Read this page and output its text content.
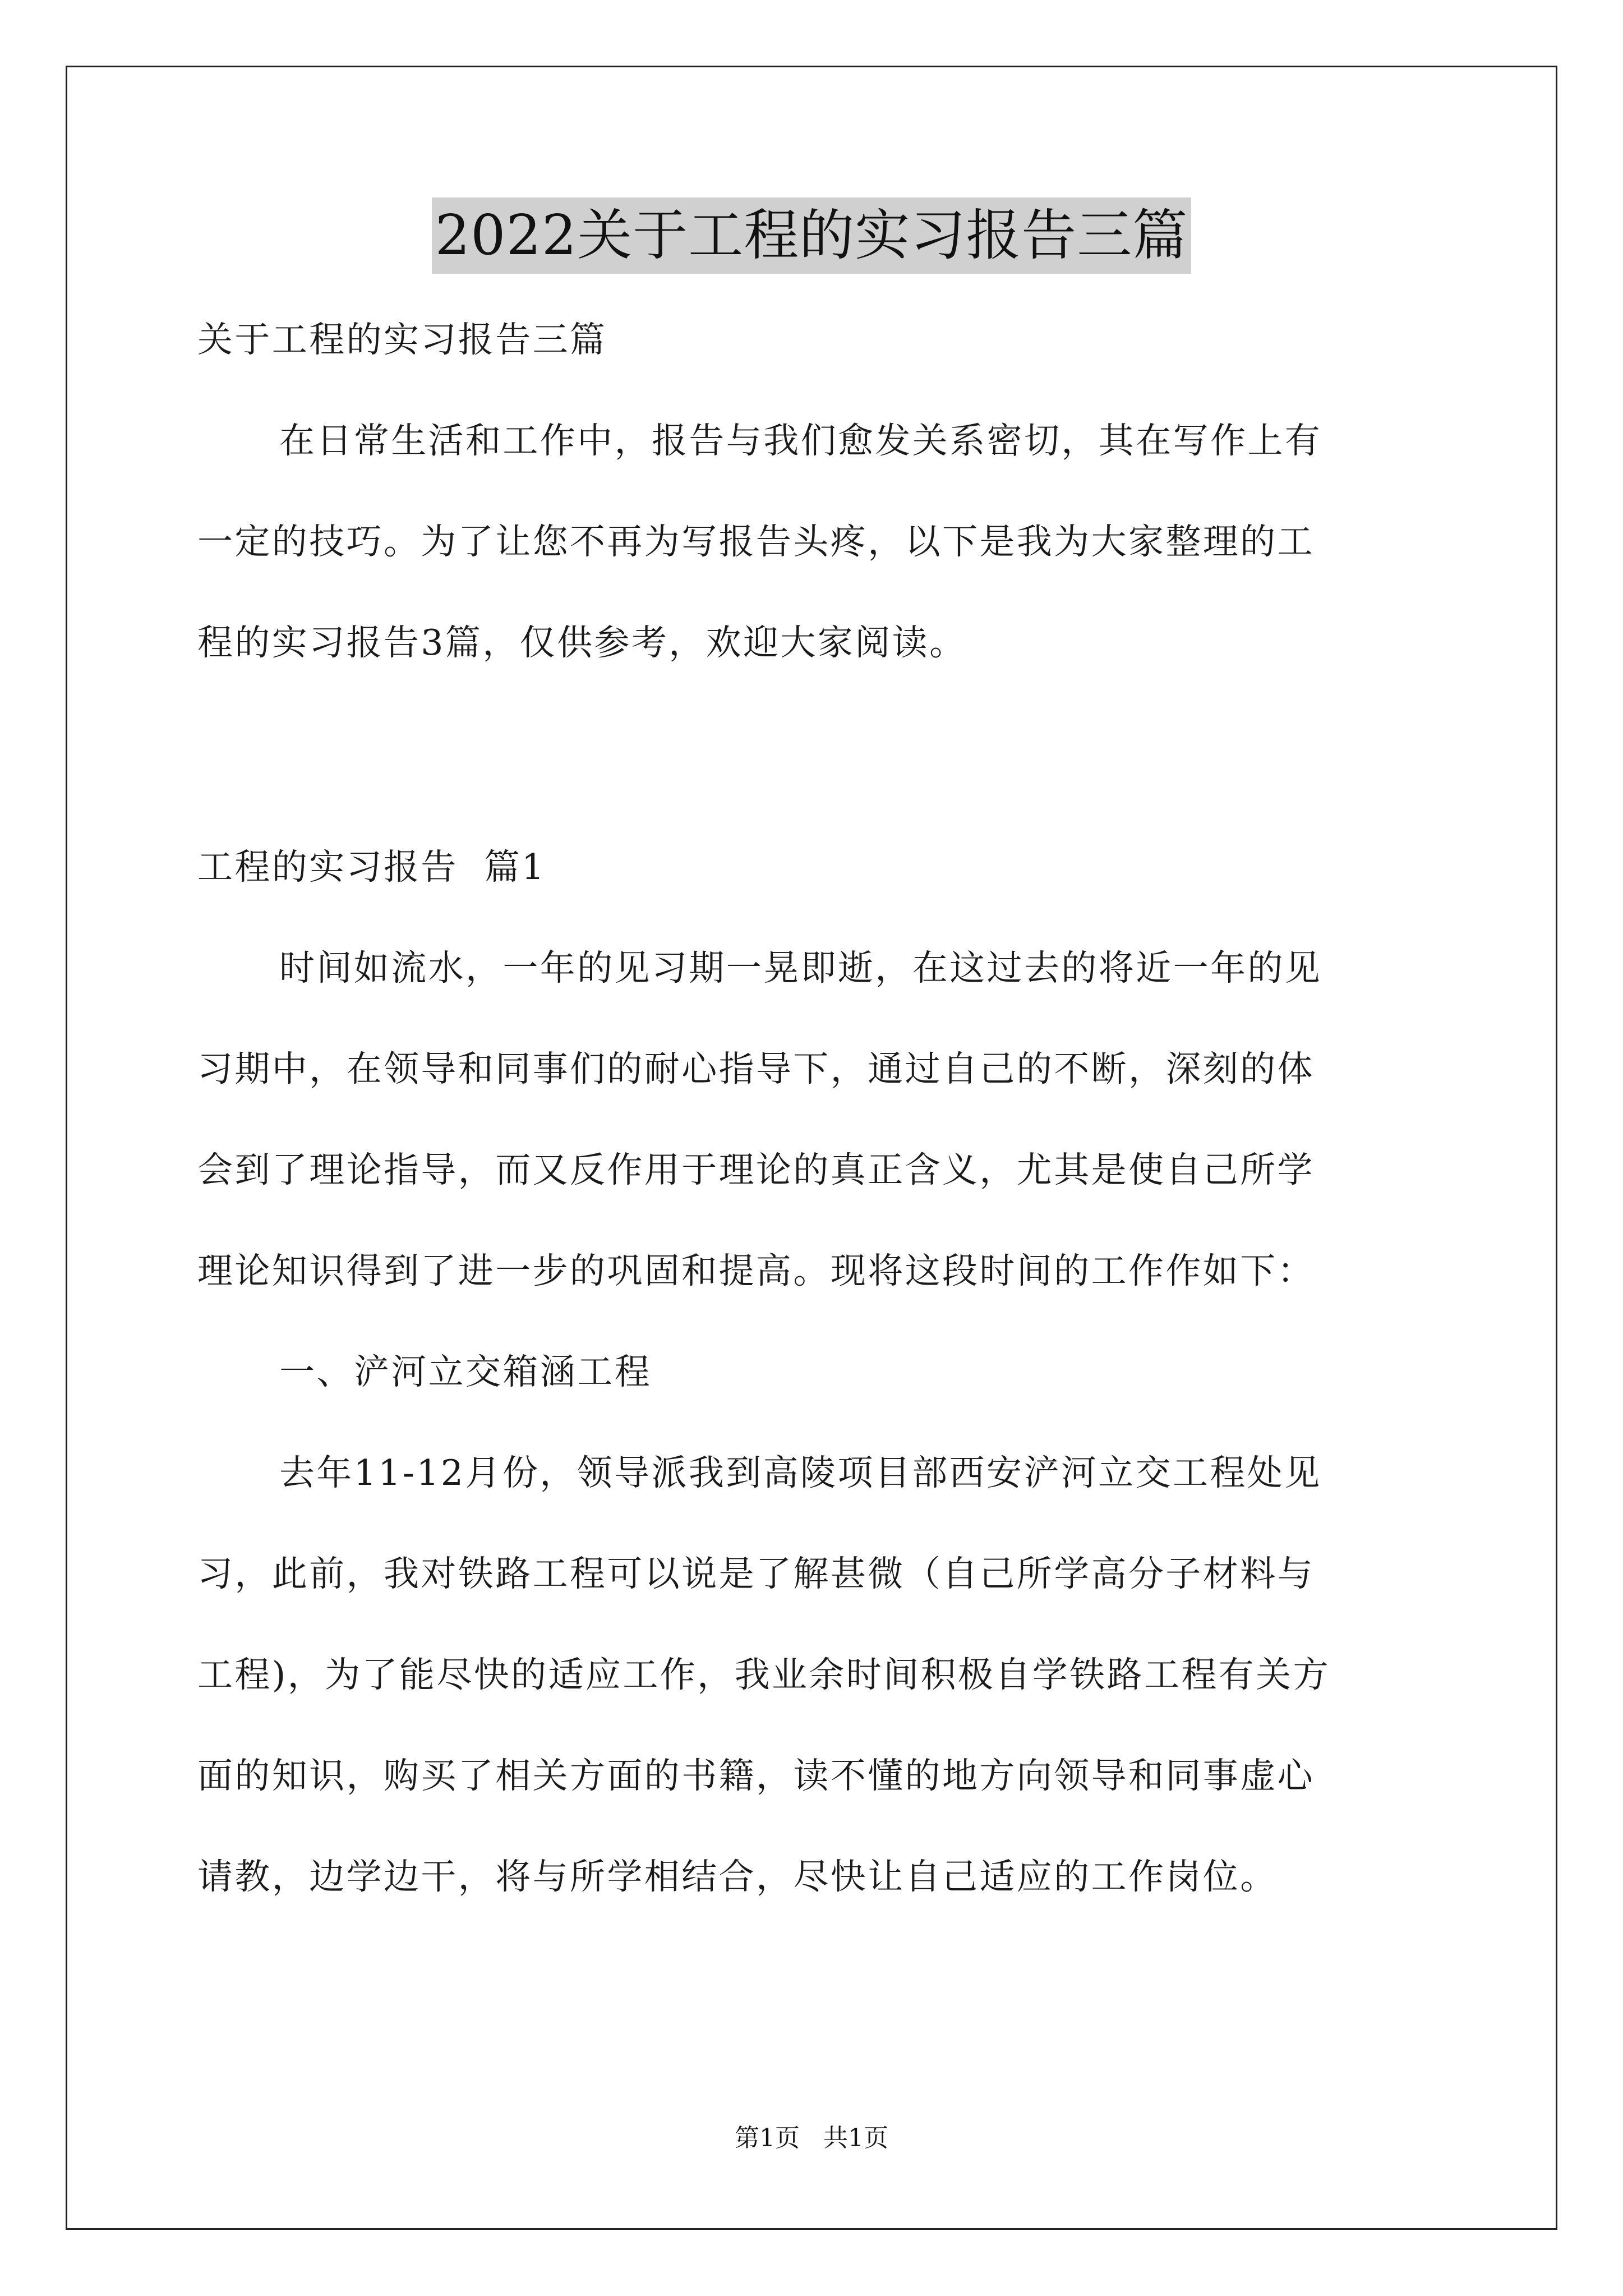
2022关于工程的实习报告三篇
关于工程的实习报告三篇
在日常生活和工作中，报告与我们愈发关系密切，其在写作上有
一定的技巧。为了让您不再为写报告头疼，以下是我为大家整理的工
程的实习报告3篇，仅供参考，欢迎大家阅读。
工程的实习报告  篇1
时间如流水，一年的见习期一晃即逝，在这过去的将近一年的见
习期中，在领导和同事们的耐心指导下，通过自己的不断，深刻的体
会到了理论指导，而又反作用于理论的真正含义，尤其是使自己所学
理论知识得到了进一步的巩固和提高。现将这段时间的工作作如下：
一、浐河立交箱涵工程
去年11-12月份，领导派我到高陵项目部西安浐河立交工程处见
习，此前，我对铁路工程可以说是了解甚微（自己所学高分子材料与
工程)，为了能尽快的适应工作，我业余时间积极自学铁路工程有关方
面的知识，购买了相关方面的书籍，读不懂的地方向领导和同事虚心
请教，边学边干，将与所学相结合，尽快让自己适应的工作岗位。
第1页   共1页
